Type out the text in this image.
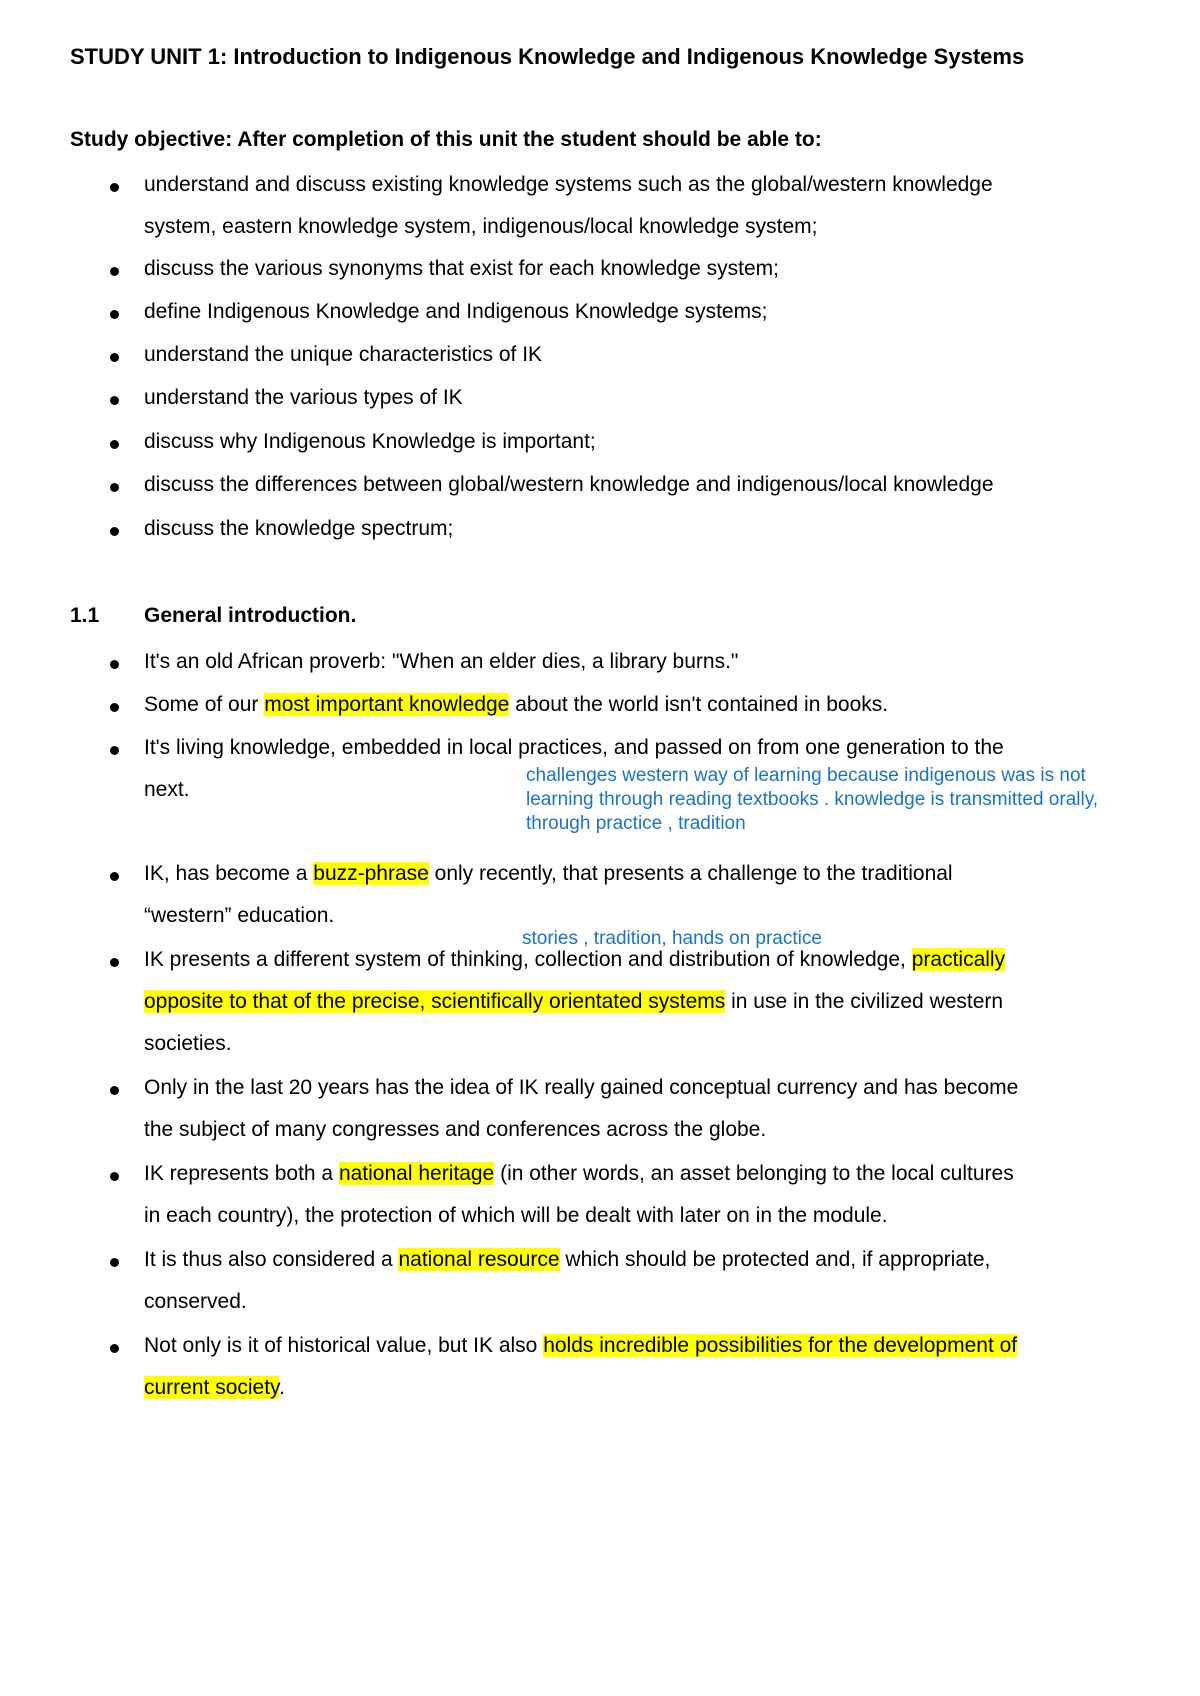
STUDY UNIT 1: Introduction to Indigenous Knowledge and Indigenous Knowledge Systems
Study objective: After completion of this unit the student should be able to:
understand and discuss existing knowledge systems such as the global/western knowledge
system, eastern knowledge system, indigenous/local knowledge system;
discuss the various synonyms that exist for each knowledge system;
define Indigenous Knowledge and Indigenous Knowledge systems;
understand the unique characteristics of IK
understand the various types of IK
discuss why Indigenous Knowledge is important;
discuss the differences between global/western knowledge and indigenous/local knowledge
discuss the knowledge spectrum;
1.1 General introduction.
It's an old African proverb: "When an elder dies, a library burns."
Some of our most important knowledge about the world isn't contained in books.
It's living knowledge, embedded in local practices, and passed on from one generation to the
next.
challenges western way of learning because indigenous was is not
learning through reading textbooks . knowledge is transmitted orally,
through practice , tradition
IK, has become a buzz-phrase only recently, that presents a challenge to the traditional
“western” education.
stories , tradition, hands on practice
IK presents a different system of thinking, collection and distribution of knowledge, practically
opposite to that of the precise, scientifically orientated systems in use in the civilized western
societies.
Only in the last 20 years has the idea of IK really gained conceptual currency and has become
the subject of many congresses and conferences across the globe.
IK represents both a national heritage (in other words, an asset belonging to the local cultures
in each country), the protection of which will be dealt with later on in the module.
It is thus also considered a national resource which should be protected and, if appropriate,
conserved.
Not only is it of historical value, but IK also holds incredible possibilities for the development of
current society.
